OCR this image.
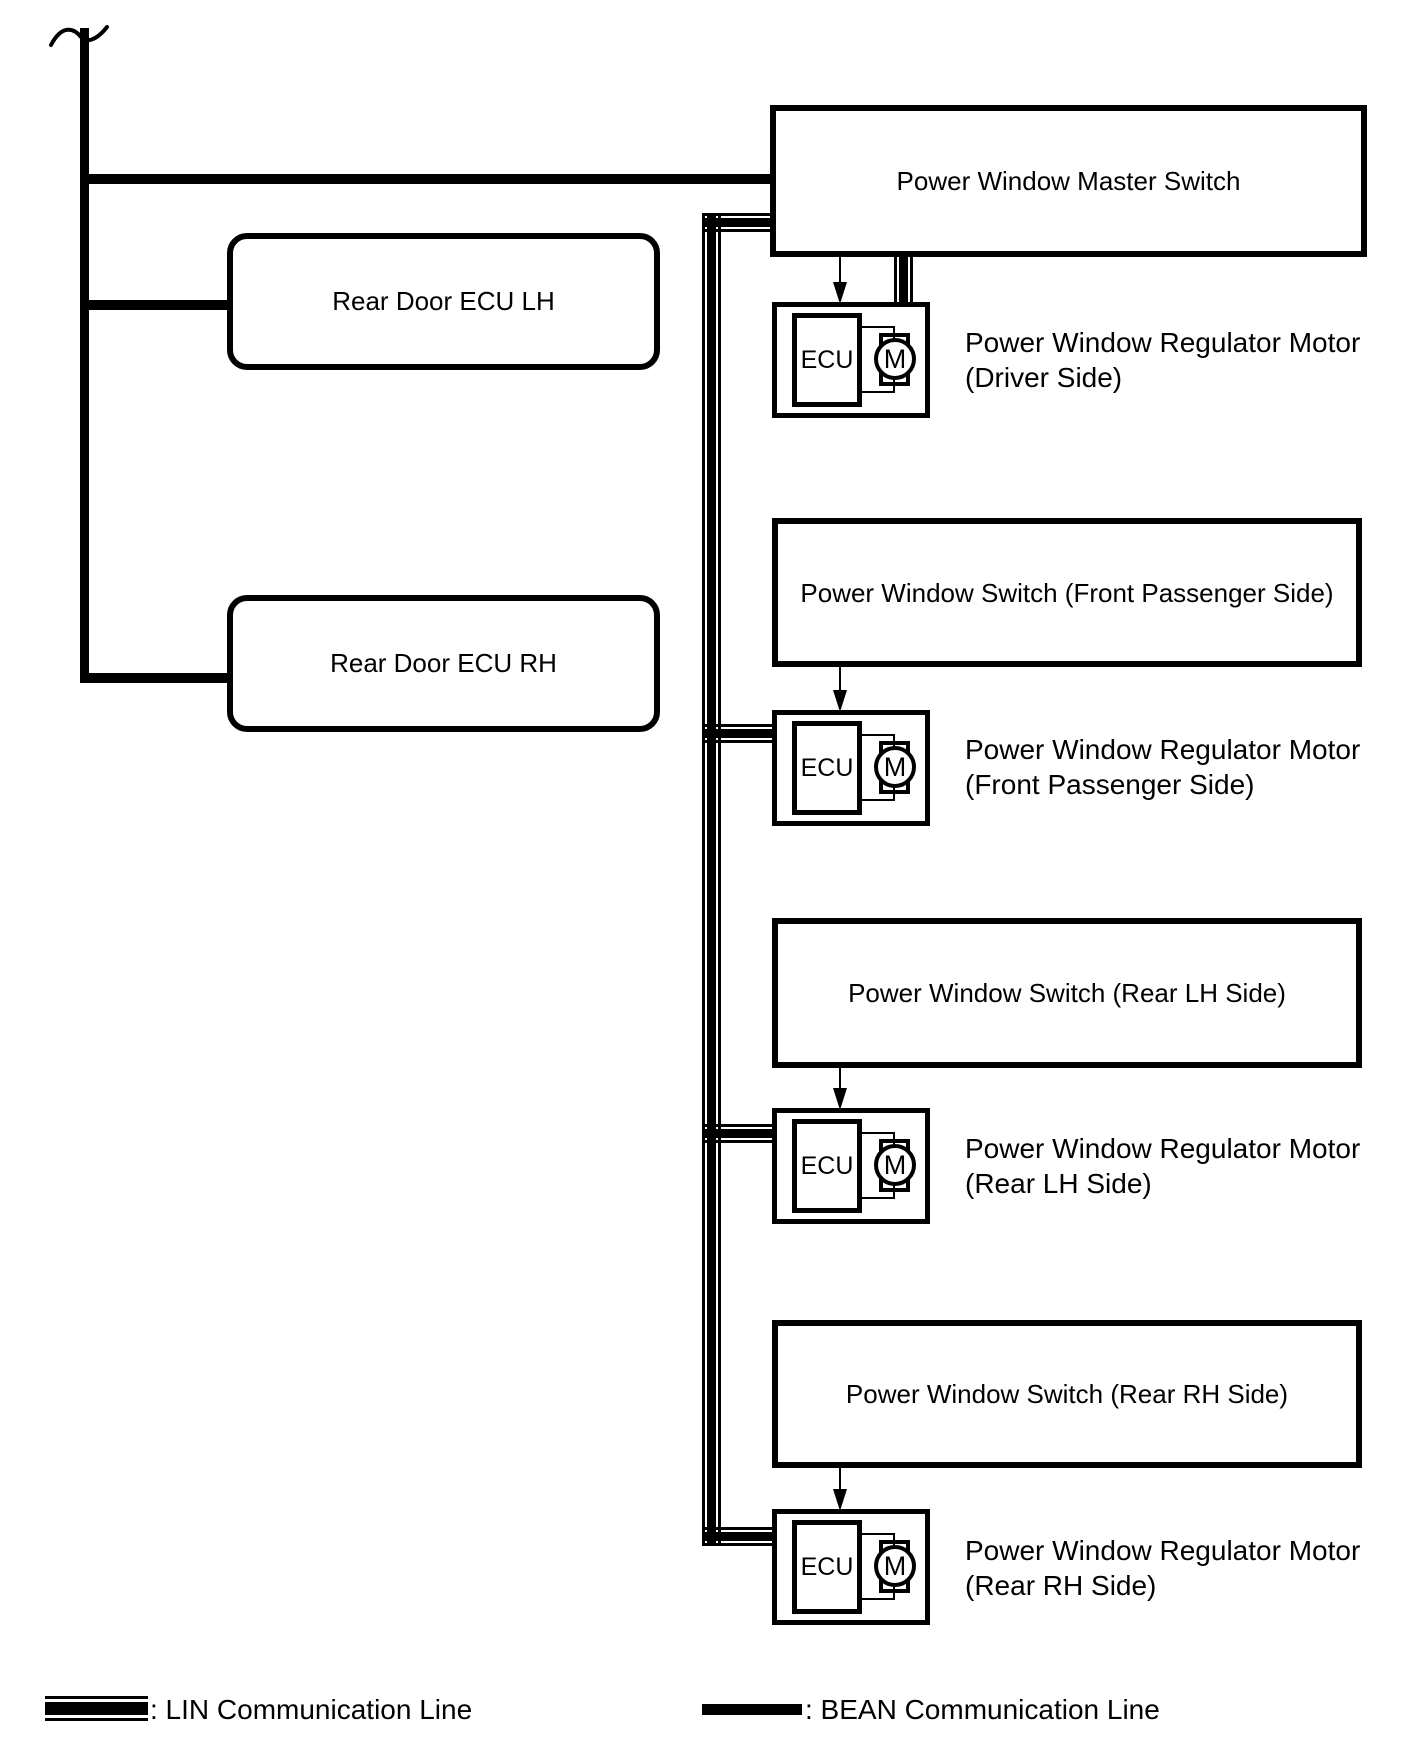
Rear Door ECU LH
Rear Door ECU RH
Power Window Master Switch
Power Window Switch (Front Passenger Side)
Power Window Switch (Rear LH Side)
Power Window Switch (Rear RH Side)
ECU M
ECU M
ECU M
ECU M
Power Window Regulator Motor
(Driver Side)
Power Window Regulator Motor
(Front Passenger Side)
Power Window Regulator Motor
(Rear LH Side)
Power Window Regulator Motor
(Rear RH Side)
: LIN Communication Line	: BEAN Communication Line
